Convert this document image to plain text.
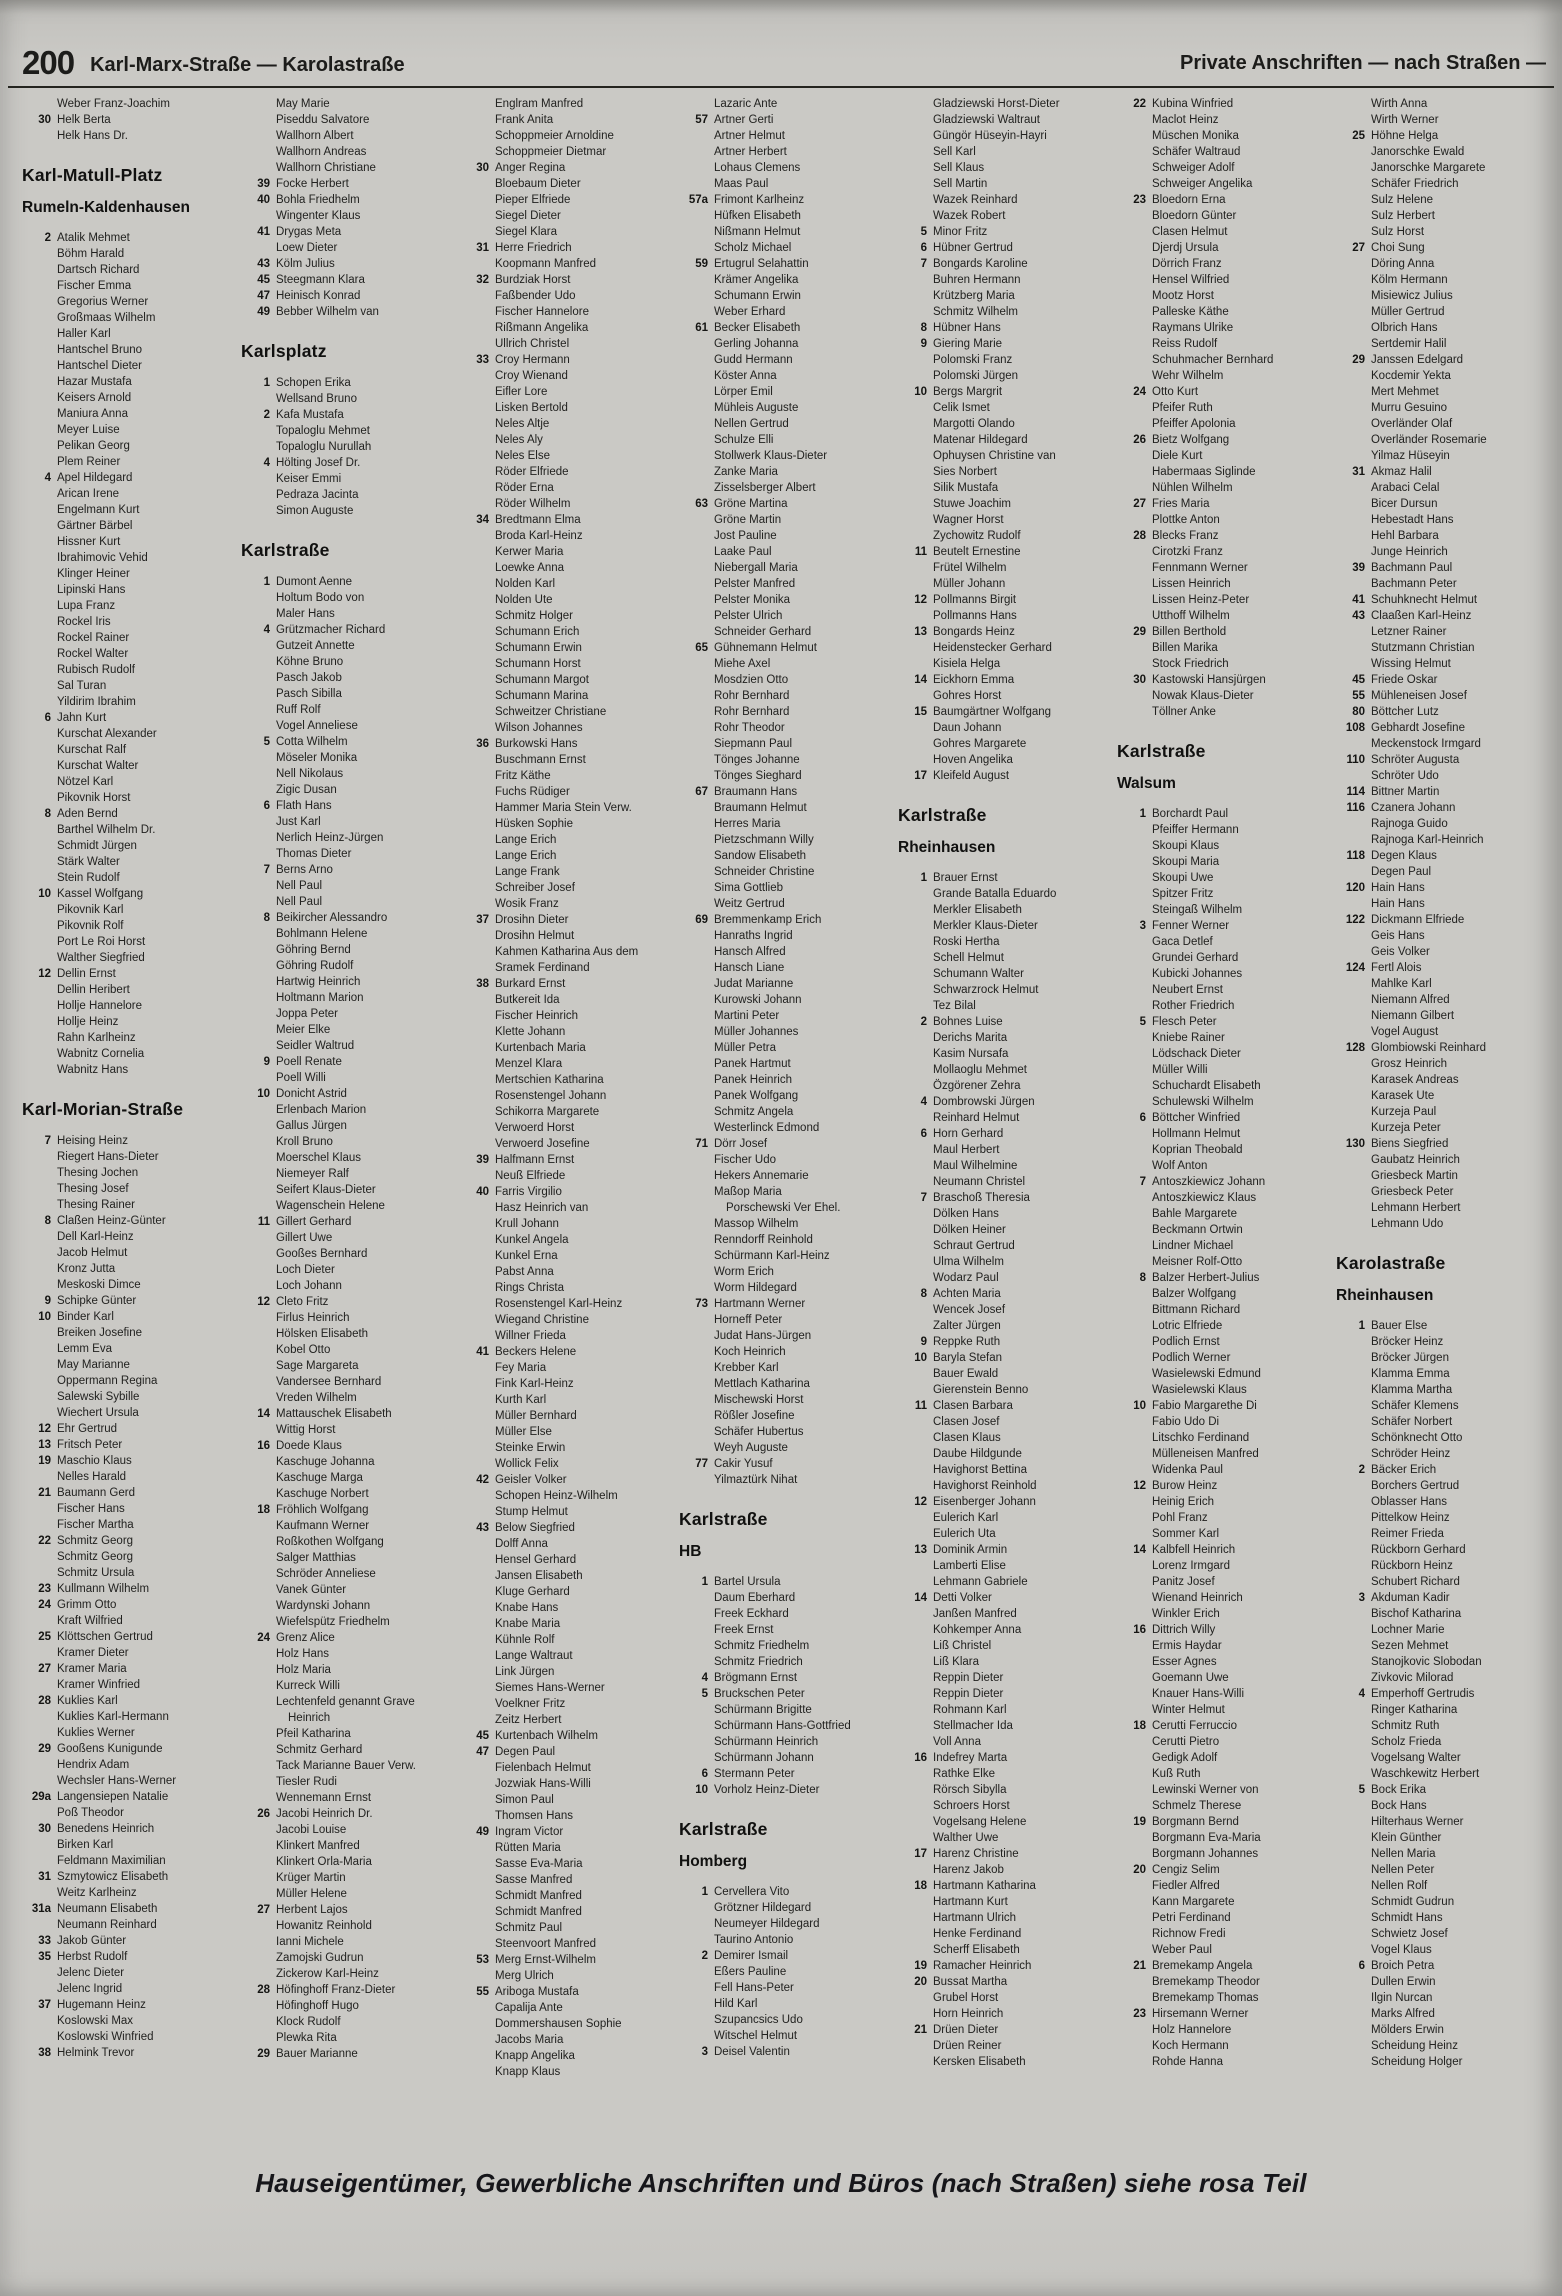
200 Karl-Marx-Straße — Karolastraße	Private Anschriften — nach Straßen —
Weber Franz-Joachim
30 Helk Berta
Helk Hans Dr.
Karl-Matull-Platz
Rumeln-Kaldenhausen
2 Atalik Mehmet
Böhm Harald
Dartsch Richard
Fischer Emma
Gregorius Werner
Großmaas Wilhelm
Haller Karl
Hantschel Bruno
Hantschel Dieter
Hazar Mustafa
Keisers Arnold
Maniura Anna
Meyer Luise
Pelikan Georg
Plem Reiner
4 Apel Hildegard
Arican Irene
Engelmann Kurt
Gärtner Bärbel
Hissner Kurt
Ibrahimovic Vehid
Klinger Heiner
Lipinski Hans
Lupa Franz
Rockel Iris
Rockel Rainer
Rockel Walter
Rubisch Rudolf
Sal Turan
Yildirim Ibrahim
6 Jahn Kurt
Kurschat Alexander
Kurschat Ralf
Kurschat Walter
Nötzel Karl
Pikovnik Horst
8 Aden Bernd
Barthel Wilhelm Dr.
Schmidt Jürgen
Stärk Walter
Stein Rudolf
10 Kassel Wolfgang
Pikovnik Karl
Pikovnik Rolf
Port Le Roi Horst
Walther Siegfried
12 Dellin Ernst
Dellin Heribert
Hollje Hannelore
Hollje Heinz
Rahn Karlheinz
Wabnitz Cornelia
Wabnitz Hans
Karl-Morian-Straße
7 Heising Heinz
Riegert Hans-Dieter
Thesing Jochen
Thesing Josef
Thesing Rainer
8 Claßen Heinz-Günter
Dell Karl-Heinz
Jacob Helmut
Kronz Jutta
Meskoski Dimce
9 Schipke Günter
10 Binder Karl
Breiken Josefine
Lemm Eva
May Marianne
Oppermann Regina
Salewski Sybille
Wiechert Ursula
12 Ehr Gertrud
13 Fritsch Peter
19 Maschio Klaus
Nelles Harald
21 Baumann Gerd
Fischer Hans
Fischer Martha
22 Schmitz Georg
Schmitz Georg
Schmitz Ursula
23 Kullmann Wilhelm
24 Grimm Otto
Kraft Wilfried
25 Klöttschen Gertrud
Kramer Dieter
27 Kramer Maria
Kramer Winfried
28 Kuklies Karl
Kuklies Karl-Hermann
Kuklies Werner
29 Gooßens Kunigunde
Hendrix Adam
Wechsler Hans-Werner
29a Langensiepen Natalie
Poß Theodor
30 Benedens Heinrich
Birken Karl
Feldmann Maximilian
31 Szmytowicz Elisabeth
Weitz Karlheinz
31a Neumann Elisabeth
Neumann Reinhard
33 Jakob Günter
35 Herbst Rudolf
Jelenc Dieter
Jelenc Ingrid
37 Hugemann Heinz
Koslowski Max
Koslowski Winfried
38 Helmink Trevor
May Marie
Piseddu Salvatore
Wallhorn Albert
Wallhorn Andreas
Wallhorn Christiane
39 Focke Herbert
40 Bohla Friedhelm
Wingenter Klaus
41 Drygas Meta
Loew Dieter
43 Kölm Julius
45 Steegmann Klara
47 Heinisch Konrad
49 Bebber Wilhelm van
Karlsplatz
1 Schopen Erika
Wellsand Bruno
2 Kafa Mustafa
Topaloglu Mehmet
Topaloglu Nurullah
4 Hölting Josef Dr.
Keiser Emmi
Pedraza Jacinta
Simon Auguste
Karlstraße
1 Dumont Aenne
Holtum Bodo von
Maler Hans
4 Grützmacher Richard
Gutzeit Annette
Köhne Bruno
Pasch Jakob
Pasch Sibilla
Ruff Rolf
Vogel Anneliese
5 Cotta Wilhelm
Möseler Monika
Nell Nikolaus
Zigic Dusan
6 Flath Hans
Just Karl
Nerlich Heinz-Jürgen
Thomas Dieter
7 Berns Arno
Nell Paul
Nell Paul
8 Beikircher Alessandro
Bohlmann Helene
Göhring Bernd
Göhring Rudolf
Hartwig Heinrich
Holtmann Marion
Joppa Peter
Meier Elke
Seidler Waltrud
9 Poell Renate
Poell Willi
10 Donicht Astrid
Erlenbach Marion
Gallus Jürgen
Kroll Bruno
Moerschel Klaus
Niemeyer Ralf
Seifert Klaus-Dieter
Wagenschein Helene
11 Gillert Gerhard
Gillert Uwe
Gooßes Bernhard
Loch Dieter
Loch Johann
12 Cleto Fritz
Firlus Heinrich
Hölsken Elisabeth
Kobel Otto
Sage Margareta
Vandersee Bernhard
Vreden Wilhelm
14 Mattauschek Elisabeth
Wittig Horst
16 Doede Klaus
Kaschuge Johanna
Kaschuge Marga
Kaschuge Norbert
18 Fröhlich Wolfgang
Kaufmann Werner
Roßkothen Wolfgang
Salger Matthias
Schröder Anneliese
Vanek Günter
Wardynski Johann
Wiefelspütz Friedhelm
24 Grenz Alice
Holz Hans
Holz Maria
Kurreck Willi
Lechtenfeld genannt Grave
Heinrich
Pfeil Katharina
Schmitz Gerhard
Tack Marianne Bauer Verw.
Tiesler Rudi
Wennemann Ernst
26 Jacobi Heinrich Dr.
Jacobi Louise
Klinkert Manfred
Klinkert Orla-Maria
Krüger Martin
Müller Helene
27 Herbent Lajos
Howanitz Reinhold
Ianni Michele
Zamojski Gudrun
Zickerow Karl-Heinz
28 Höfinghoff Franz-Dieter
Höfinghoff Hugo
Klock Rudolf
Plewka Rita
29 Bauer Marianne
Englram Manfred
Frank Anita
Schoppmeier Arnoldine
Schoppmeier Dietmar
30 Anger Regina
Bloebaum Dieter
Pieper Elfriede
Siegel Dieter
Siegel Klara
31 Herre Friedrich
Koopmann Manfred
32 Burdziak Horst
Faßbender Udo
Fischer Hannelore
Rißmann Angelika
Ullrich Christel
33 Croy Hermann
Croy Wienand
Eifler Lore
Lisken Bertold
Neles Altje
Neles Aly
Neles Else
Röder Elfriede
Röder Erna
Röder Wilhelm
34 Bredtmann Elma
Broda Karl-Heinz
Kerwer Maria
Loewke Anna
Nolden Karl
Nolden Ute
Schmitz Holger
Schumann Erich
Schumann Erwin
Schumann Horst
Schumann Margot
Schumann Marina
Schweitzer Christiane
Wilson Johannes
36 Burkowski Hans
Buschmann Ernst
Fritz Käthe
Fuchs Rüdiger
Hammer Maria Stein Verw.
Hüsken Sophie
Lange Erich
Lange Erich
Lange Frank
Schreiber Josef
Wosik Franz
37 Drosihn Dieter
Drosihn Helmut
Kahmen Katharina Aus dem
Sramek Ferdinand
38 Burkard Ernst
Butkereit Ida
Fischer Heinrich
Klette Johann
Kurtenbach Maria
Menzel Klara
Mertschien Katharina
Rosenstengel Johann
Schikorra Margarete
Verwoerd Horst
Verwoerd Josefine
39 Halfmann Ernst
Neuß Elfriede
40 Farris Virgilio
Hasz Heinrich van
Krull Johann
Kunkel Angela
Kunkel Erna
Pabst Anna
Rings Christa
Rosenstengel Karl-Heinz
Wiegand Christine
Willner Frieda
41 Beckers Helene
Fey Maria
Fink Karl-Heinz
Kurth Karl
Müller Bernhard
Müller Else
Steinke Erwin
Wollick Felix
42 Geisler Volker
Schopen Heinz-Wilhelm
Stump Helmut
43 Below Siegfried
Dolff Anna
Hensel Gerhard
Jansen Elisabeth
Kluge Gerhard
Knabe Hans
Knabe Maria
Kühnle Rolf
Lange Waltraut
Link Jürgen
Siemes Hans-Werner
Voelkner Fritz
Zeitz Herbert
45 Kurtenbach Wilhelm
47 Degen Paul
Fielenbach Helmut
Jozwiak Hans-Willi
Simon Paul
Thomsen Hans
49 Ingram Victor
Rütten Maria
Sasse Eva-Maria
Sasse Manfred
Schmidt Manfred
Schmidt Manfred
Schmitz Paul
Steenvoort Manfred
53 Merg Ernst-Wilhelm
Merg Ulrich
55 Ariboga Mustafa
Capalija Ante
Dommershausen Sophie
Jacobs Maria
Knapp Angelika
Knapp Klaus
Lazaric Ante
57 Artner Gerti
Artner Helmut
Artner Herbert
Lohaus Clemens
Maas Paul
57a Frimont Karlheinz
Hüfken Elisabeth
Nißmann Helmut
Scholz Michael
59 Ertugrul Selahattin
Krämer Angelika
Schumann Erwin
Weber Erhard
61 Becker Elisabeth
Gerling Johanna
Gudd Hermann
Köster Anna
Lörper Emil
Mühleis Auguste
Nellen Gertrud
Schulze Elli
Stollwerk Klaus-Dieter
Zanke Maria
Zisselsberger Albert
63 Gröne Martina
Gröne Martin
Jost Pauline
Laake Paul
Niebergall Maria
Pelster Manfred
Pelster Monika
Pelster Ulrich
Schneider Gerhard
65 Gühnemann Helmut
Miehe Axel
Mosdzien Otto
Rohr Bernhard
Rohr Bernhard
Rohr Theodor
Siepmann Paul
Tönges Johanne
Tönges Sieghard
67 Braumann Hans
Braumann Helmut
Herres Maria
Pietzschmann Willy
Sandow Elisabeth
Schneider Christine
Sima Gottlieb
Weitz Gertrud
69 Bremmenkamp Erich
Hanraths Ingrid
Hansch Alfred
Hansch Liane
Judat Marianne
Kurowski Johann
Martini Peter
Müller Johannes
Müller Petra
Panek Hartmut
Panek Heinrich
Panek Wolfgang
Schmitz Angela
Westerlinck Edmond
71 Dörr Josef
Fischer Udo
Hekers Annemarie
Maßop Maria
Porschewski Ver Ehel.
Massop Wilhelm
Renndorff Reinhold
Schürmann Karl-Heinz
Worm Erich
Worm Hildegard
73 Hartmann Werner
Horneff Peter
Judat Hans-Jürgen
Koch Heinrich
Krebber Karl
Mettlach Katharina
Mischewski Horst
Rößler Josefine
Schäfer Hubertus
Weyh Auguste
77 Cakir Yusuf
Yilmaztürk Nihat
Karlstraße
HB
1 Bartel Ursula
Daum Eberhard
Freek Eckhard
Freek Ernst
Schmitz Friedhelm
Schmitz Friedrich
4 Brögmann Ernst
5 Bruckschen Peter
Schürmann Brigitte
Schürmann Hans-Gottfried
Schürmann Heinrich
Schürmann Johann
6 Stermann Peter
10 Vorholz Heinz-Dieter
Karlstraße
Homberg
1 Cervellera Vito
Grötzner Hildegard
Neumeyer Hildegard
Taurino Antonio
2 Demirer Ismail
Eßers Pauline
Fell Hans-Peter
Hild Karl
Szupancsics Udo
Witschel Helmut
3 Deisel Valentin
Gladziewski Horst-Dieter
Gladziewski Waltraut
Güngör Hüseyin-Hayri
Sell Karl
Sell Klaus
Sell Martin
Wazek Reinhard
Wazek Robert
5 Minor Fritz
6 Hübner Gertrud
7 Bongards Karoline
Buhren Hermann
Krützberg Maria
Schmitz Wilhelm
8 Hübner Hans
9 Giering Marie
Polomski Franz
Polomski Jürgen
10 Bergs Margrit
Celik Ismet
Margotti Olando
Matenar Hildegard
Ophuysen Christine van
Sies Norbert
Silik Mustafa
Stuwe Joachim
Wagner Horst
Zychowitz Rudolf
11 Beutelt Ernestine
Frütel Wilhelm
Müller Johann
12 Pollmanns Birgit
Pollmanns Hans
13 Bongards Heinz
Heidenstecker Gerhard
Kisiela Helga
14 Eickhorn Emma
Gohres Horst
15 Baumgärtner Wolfgang
Daun Johann
Gohres Margarete
Hoven Angelika
17 Kleifeld August
Karlstraße
Rheinhausen
1 Brauer Ernst
Grande Batalla Eduardo
Merkler Elisabeth
Merkler Klaus-Dieter
Roski Hertha
Schell Helmut
Schumann Walter
Schwarzrock Helmut
Tez Bilal
2 Bohnes Luise
Derichs Marita
Kasim Nursafa
Mollaoglu Mehmet
Özgörener Zehra
4 Dombrowski Jürgen
Reinhard Helmut
6 Horn Gerhard
Maul Herbert
Maul Wilhelmine
Neumann Christel
7 Braschoß Theresia
Dölken Hans
Dölken Heiner
Schraut Gertrud
Ulma Wilhelm
Wodarz Paul
8 Achten Maria
Wencek Josef
Zalter Jürgen
9 Reppke Ruth
10 Baryla Stefan
Bauer Ewald
Gierenstein Benno
11 Clasen Barbara
Clasen Josef
Clasen Klaus
Daube Hildgunde
Havighorst Bettina
Havighorst Reinhold
12 Eisenberger Johann
Eulerich Karl
Eulerich Uta
13 Dominik Armin
Lamberti Elise
Lehmann Gabriele
14 Detti Volker
Janßen Manfred
Kohkemper Anna
Liß Christel
Liß Klara
Reppin Dieter
Reppin Dieter
Rohmann Karl
Stellmacher Ida
Voll Anna
16 Indefrey Marta
Rathke Elke
Rörsch Sibylla
Schroers Horst
Vogelsang Helene
Walther Uwe
17 Harenz Christine
Harenz Jakob
18 Hartmann Katharina
Hartmann Kurt
Hartmann Ulrich
Henke Ferdinand
Scherff Elisabeth
19 Ramacher Heinrich
20 Bussat Martha
Grubel Horst
Horn Heinrich
21 Drüen Dieter
Drüen Reiner
Kersken Elisabeth
22 Kubina Winfried
Maclot Heinz
Müschen Monika
Schäfer Waltraud
Schweiger Adolf
Schweiger Angelika
23 Bloedorn Erna
Bloedorn Günter
Clasen Helmut
Djerdj Ursula
Dörrich Franz
Hensel Wilfried
Mootz Horst
Palleske Käthe
Raymans Ulrike
Reiss Rudolf
Schuhmacher Bernhard
Wehr Wilhelm
24 Otto Kurt
Pfeifer Ruth
Pfeiffer Apolonia
26 Bietz Wolfgang
Diele Kurt
Habermaas Siglinde
Nühlen Wilhelm
27 Fries Maria
Plottke Anton
28 Blecks Franz
Cirotzki Franz
Fennmann Werner
Lissen Heinrich
Lissen Heinz-Peter
Utthoff Wilhelm
29 Billen Berthold
Billen Marika
Stock Friedrich
30 Kastowski Hansjürgen
Nowak Klaus-Dieter
Töllner Anke
Karlstraße
Walsum
1 Borchardt Paul
Pfeiffer Hermann
Skoupi Klaus
Skoupi Maria
Skoupi Uwe
Spitzer Fritz
Steingaß Wilhelm
3 Fenner Werner
Gaca Detlef
Grundei Gerhard
Kubicki Johannes
Neubert Ernst
Rother Friedrich
5 Flesch Peter
Kniebe Rainer
Lödschack Dieter
Müller Willi
Schuchardt Elisabeth
Schulewski Wilhelm
6 Böttcher Winfried
Hollmann Helmut
Koprian Theobald
Wolf Anton
7 Antoszkiewicz Johann
Antoszkiewicz Klaus
Bahle Margarete
Beckmann Ortwin
Lindner Michael
Meisner Rolf-Otto
8 Balzer Herbert-Julius
Balzer Wolfgang
Bittmann Richard
Lotric Elfriede
Podlich Ernst
Podlich Werner
Wasielewski Edmund
Wasielewski Klaus
10 Fabio Margarethe Di
Fabio Udo Di
Litschko Ferdinand
Mülleneisen Manfred
Widenka Paul
12 Burow Heinz
Heinig Erich
Pohl Franz
Sommer Karl
14 Kalbfell Heinrich
Lorenz Irmgard
Panitz Josef
Wienand Heinrich
Winkler Erich
16 Dittrich Willy
Ermis Haydar
Esser Agnes
Goemann Uwe
Knauer Hans-Willi
Winter Helmut
18 Cerutti Ferruccio
Cerutti Pietro
Gedigk Adolf
Kuß Ruth
Lewinski Werner von
Schmelz Therese
19 Borgmann Bernd
Borgmann Eva-Maria
Borgmann Johannes
20 Cengiz Selim
Fiedler Alfred
Kann Margarete
Petri Ferdinand
Richnow Fredi
Weber Paul
21 Bremekamp Angela
Bremekamp Theodor
Bremekamp Thomas
23 Hirsemann Werner
Holz Hannelore
Koch Hermann
Rohde Hanna
Wirth Anna
Wirth Werner
25 Höhne Helga
Janorschke Ewald
Janorschke Margarete
Schäfer Friedrich
Sulz Helene
Sulz Herbert
Sulz Horst
27 Choi Sung
Döring Anna
Kölm Hermann
Misiewicz Julius
Müller Gertrud
Olbrich Hans
Sertdemir Halil
29 Janssen Edelgard
Kocdemir Yekta
Mert Mehmet
Murru Gesuino
Overländer Olaf
Overländer Rosemarie
Yilmaz Hüseyin
31 Akmaz Halil
Arabaci Celal
Bicer Dursun
Hebestadt Hans
Hehl Barbara
Junge Heinrich
39 Bachmann Paul
Bachmann Peter
41 Schuhknecht Helmut
43 Claaßen Karl-Heinz
Letzner Rainer
Stutzmann Christian
Wissing Helmut
45 Friede Oskar
55 Mühleneisen Josef
80 Böttcher Lutz
108 Gebhardt Josefine
Meckenstock Irmgard
110 Schröter Augusta
Schröter Udo
114 Bittner Martin
116 Czanera Johann
Rajnoga Guido
Rajnoga Karl-Heinrich
118 Degen Klaus
Degen Paul
120 Hain Hans
Hain Hans
122 Dickmann Elfriede
Geis Hans
Geis Volker
124 Fertl Alois
Mahlke Karl
Niemann Alfred
Niemann Gilbert
Vogel August
128 Glombiowski Reinhard
Grosz Heinrich
Karasek Andreas
Karasek Ute
Kurzeja Paul
Kurzeja Peter
130 Biens Siegfried
Gaubatz Heinrich
Griesbeck Martin
Griesbeck Peter
Lehmann Herbert
Lehmann Udo
Karolastraße
Rheinhausen
1 Bauer Else
Bröcker Heinz
Bröcker Jürgen
Klamma Emma
Klamma Martha
Schäfer Klemens
Schäfer Norbert
Schönknecht Otto
Schröder Heinz
2 Bäcker Erich
Borchers Gertrud
Oblasser Hans
Pittelkow Heinz
Reimer Frieda
Rückborn Gerhard
Rückborn Heinz
Schubert Richard
3 Akduman Kadir
Bischof Katharina
Lochner Marie
Sezen Mehmet
Stanojkovic Slobodan
Zivkovic Milorad
4 Emperhoff Gertrudis
Ringer Katharina
Schmitz Ruth
Scholz Frieda
Vogelsang Walter
Waschkewitz Herbert
5 Bock Erika
Bock Hans
Hilterhaus Werner
Klein Günther
Nellen Maria
Nellen Peter
Nellen Rolf
Schmidt Gudrun
Schmidt Hans
Schwietz Josef
Vogel Klaus
6 Broich Petra
Dullen Erwin
Ilgin Nurcan
Marks Alfred
Mölders Erwin
Scheidung Heinz
Scheidung Holger
Hauseigentümer, Gewerbliche Anschriften und Büros (nach Straßen) siehe rosa Teil
